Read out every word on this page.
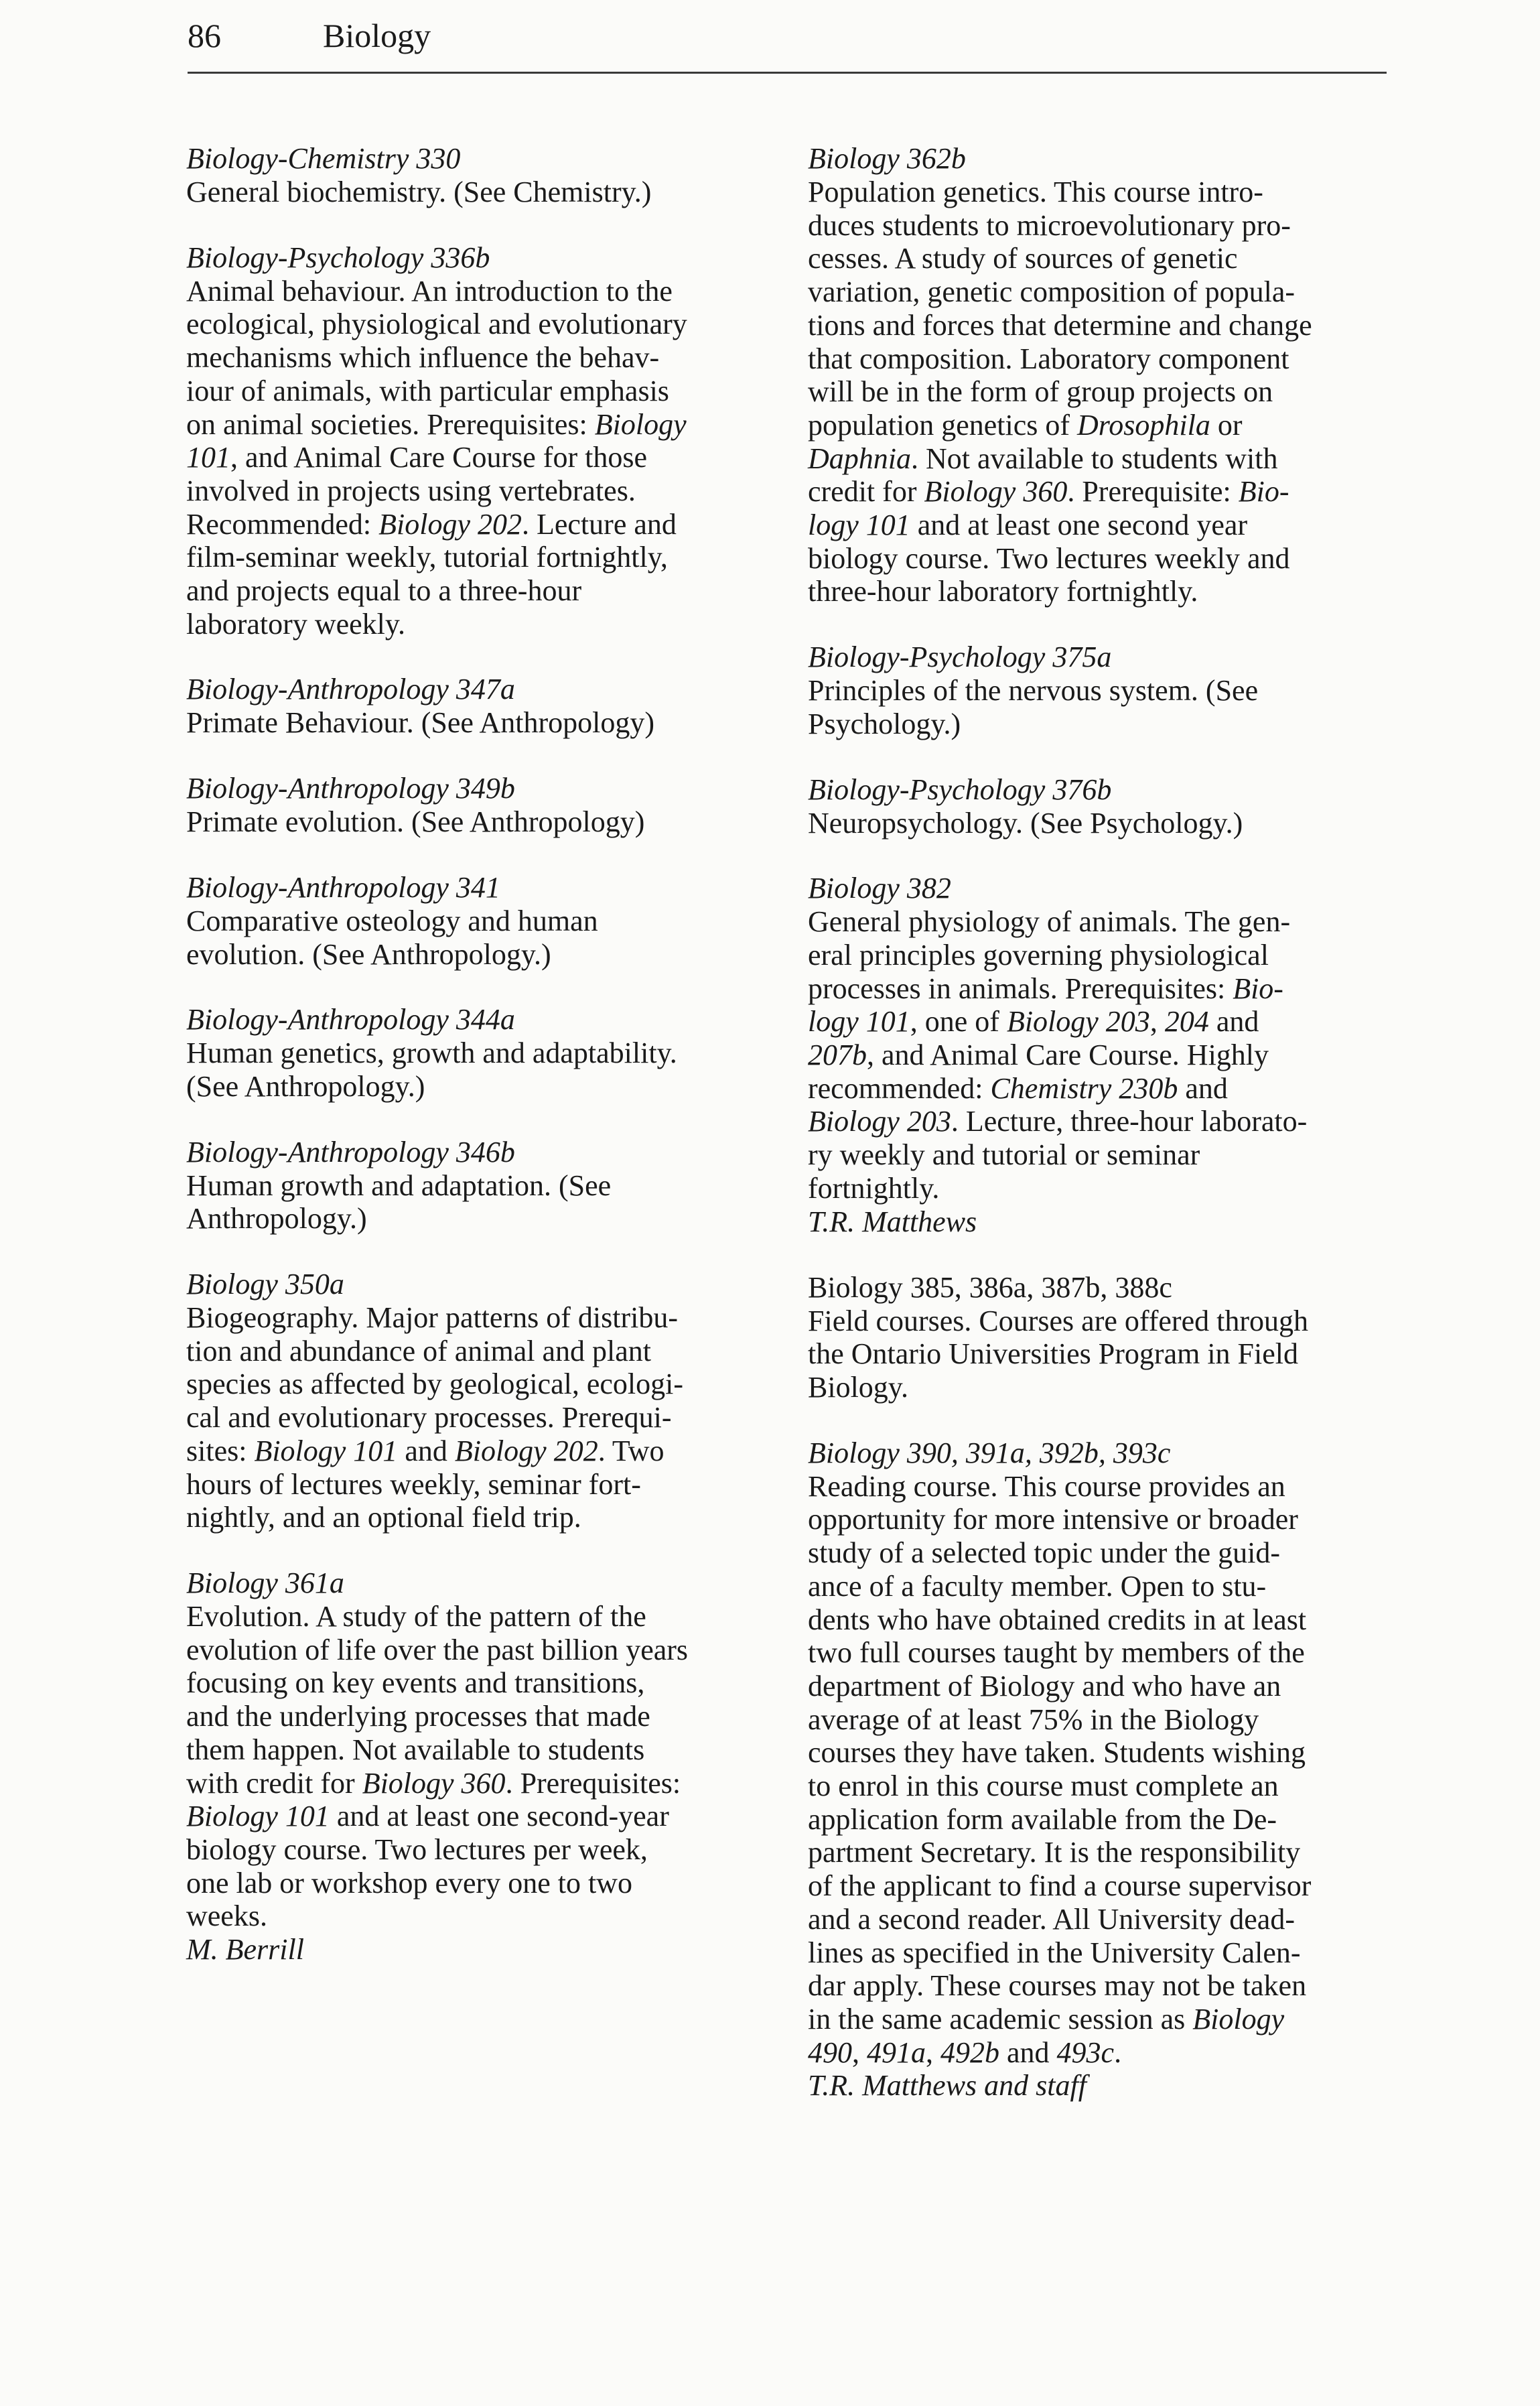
86	Biology
Biology-Chemistry 330
General biochemistry. (See Chemistry.)
Biology-Psychology 336b
Animal behaviour. An introduction to the
ecological, physiological and evolutionary
mechanisms which influence the behav-
iour of animals, with particular emphasis
on animal societies. Prerequisites: Biology
101, and Animal Care Course for those
involved in projects using vertebrates.
Recommended: Biology 202. Lecture and
film-seminar weekly, tutorial fortnightly,
and projects equal to a three-hour
laboratory weekly.
Biology-Anthropology 347a
Primate Behaviour. (See Anthropology)
Biology-Anthropology 349b
Primate evolution. (See Anthropology)
Biology-Anthropology 341
Comparative osteology and human
evolution. (See Anthropology.)
Biology-Anthropology 344a
Human genetics, growth and adaptability.
(See Anthropology.)
Biology-Anthropology 346b
Human growth and adaptation. (See
Anthropology.)
Biology 350a
Biogeography. Major patterns of distribu-
tion and abundance of animal and plant
species as affected by geological, ecologi-
cal and evolutionary processes. Prerequi-
sites: Biology 101 and Biology 202. Two
hours of lectures weekly, seminar fort-
nightly, and an optional field trip.
Biology 361a
Evolution. A study of the pattern of the
evolution of life over the past billion years
focusing on key events and transitions,
and the underlying processes that made
them happen. Not available to students
with credit for Biology 360. Prerequisites:
Biology 101 and at least one second-year
biology course. Two lectures per week,
one lab or workshop every one to two
weeks.
M. Berrill
Biology 362b
Population genetics. This course intro-
duces students to microevolutionary pro-
cesses. A study of sources of genetic
variation, genetic composition of popula-
tions and forces that determine and change
that composition. Laboratory component
will be in the form of group projects on
population genetics of Drosophila or
Daphnia. Not available to students with
credit for Biology 360. Prerequisite: Bio-
logy 101 and at least one second year
biology course. Two lectures weekly and
three-hour laboratory fortnightly.
Biology-Psychology 375a
Principles of the nervous system. (See
Psychology.)
Biology-Psychology 376b
Neuropsychology. (See Psychology.)
Biology 382
General physiology of animals. The gen-
eral principles governing physiological
processes in animals. Prerequisites: Bio-
logy 101, one of Biology 203, 204 and
207b, and Animal Care Course. Highly
recommended: Chemistry 230b and
Biology 203. Lecture, three-hour laborato-
ry weekly and tutorial or seminar
fortnightly.
T.R. Matthews
Biology 385, 386a, 387b, 388c
Field courses. Courses are offered through
the Ontario Universities Program in Field
Biology.
Biology 390, 391a, 392b, 393c
Reading course. This course provides an
opportunity for more intensive or broader
study of a selected topic under the guid-
ance of a faculty member. Open to stu-
dents who have obtained credits in at least
two full courses taught by members of the
department of Biology and who have an
average of at least 75% in the Biology
courses they have taken. Students wishing
to enrol in this course must complete an
application form available from the De-
partment Secretary. It is the responsibility
of the applicant to find a course supervisor
and a second reader. All University dead-
lines as specified in the University Calen-
dar apply. These courses may not be taken
in the same academic session as Biology
490, 491a, 492b and 493c.
T.R. Matthews and staff
